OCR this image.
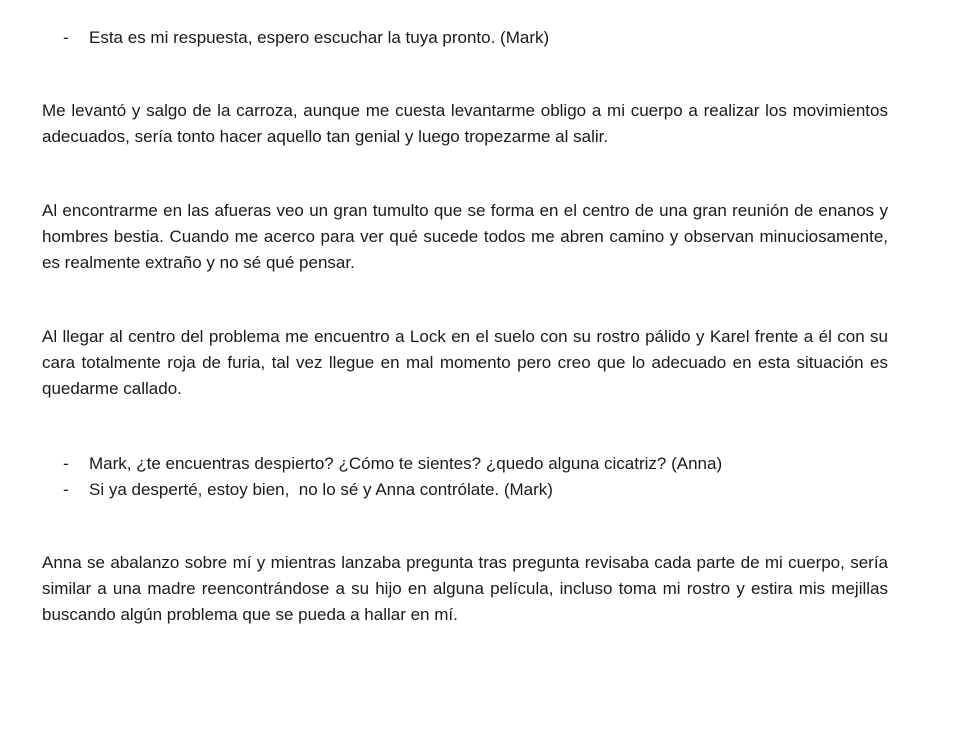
- Esta es mi respuesta, espero escuchar la tuya pronto. (Mark)

Me levantó y salgo de la carroza, aunque me cuesta levantarme obligo a mi cuerpo a realizar los movimientos adecuados, sería tonto hacer aquello tan genial y luego tropezarme al salir.

Al encontrarme en las afueras veo un gran tumulto que se forma en el centro de una gran reunión de enanos y hombres bestia. Cuando me acerco para ver qué sucede todos me abren camino y observan minuciosamente, es realmente extraño y no sé qué pensar.

Al llegar al centro del problema me encuentro a Lock en el suelo con su rostro pálido y Karel frente a él con su cara totalmente roja de furia, tal vez llegue en mal momento pero creo que lo adecuado en esta situación es quedarme callado.

- Mark, ¿te encuentras despierto? ¿Cómo te sientes? ¿quedo alguna cicatriz? (Anna)
- Si ya desperté, estoy bien,  no lo sé y Anna contrólate. (Mark)

Anna se abalanzo sobre mí y mientras lanzaba pregunta tras pregunta revisaba cada parte de mi cuerpo, sería similar a una madre reencontrándose a su hijo en alguna película, incluso toma mi rostro y estira mis mejillas buscando algún problema que se pueda a hallar en mí.
